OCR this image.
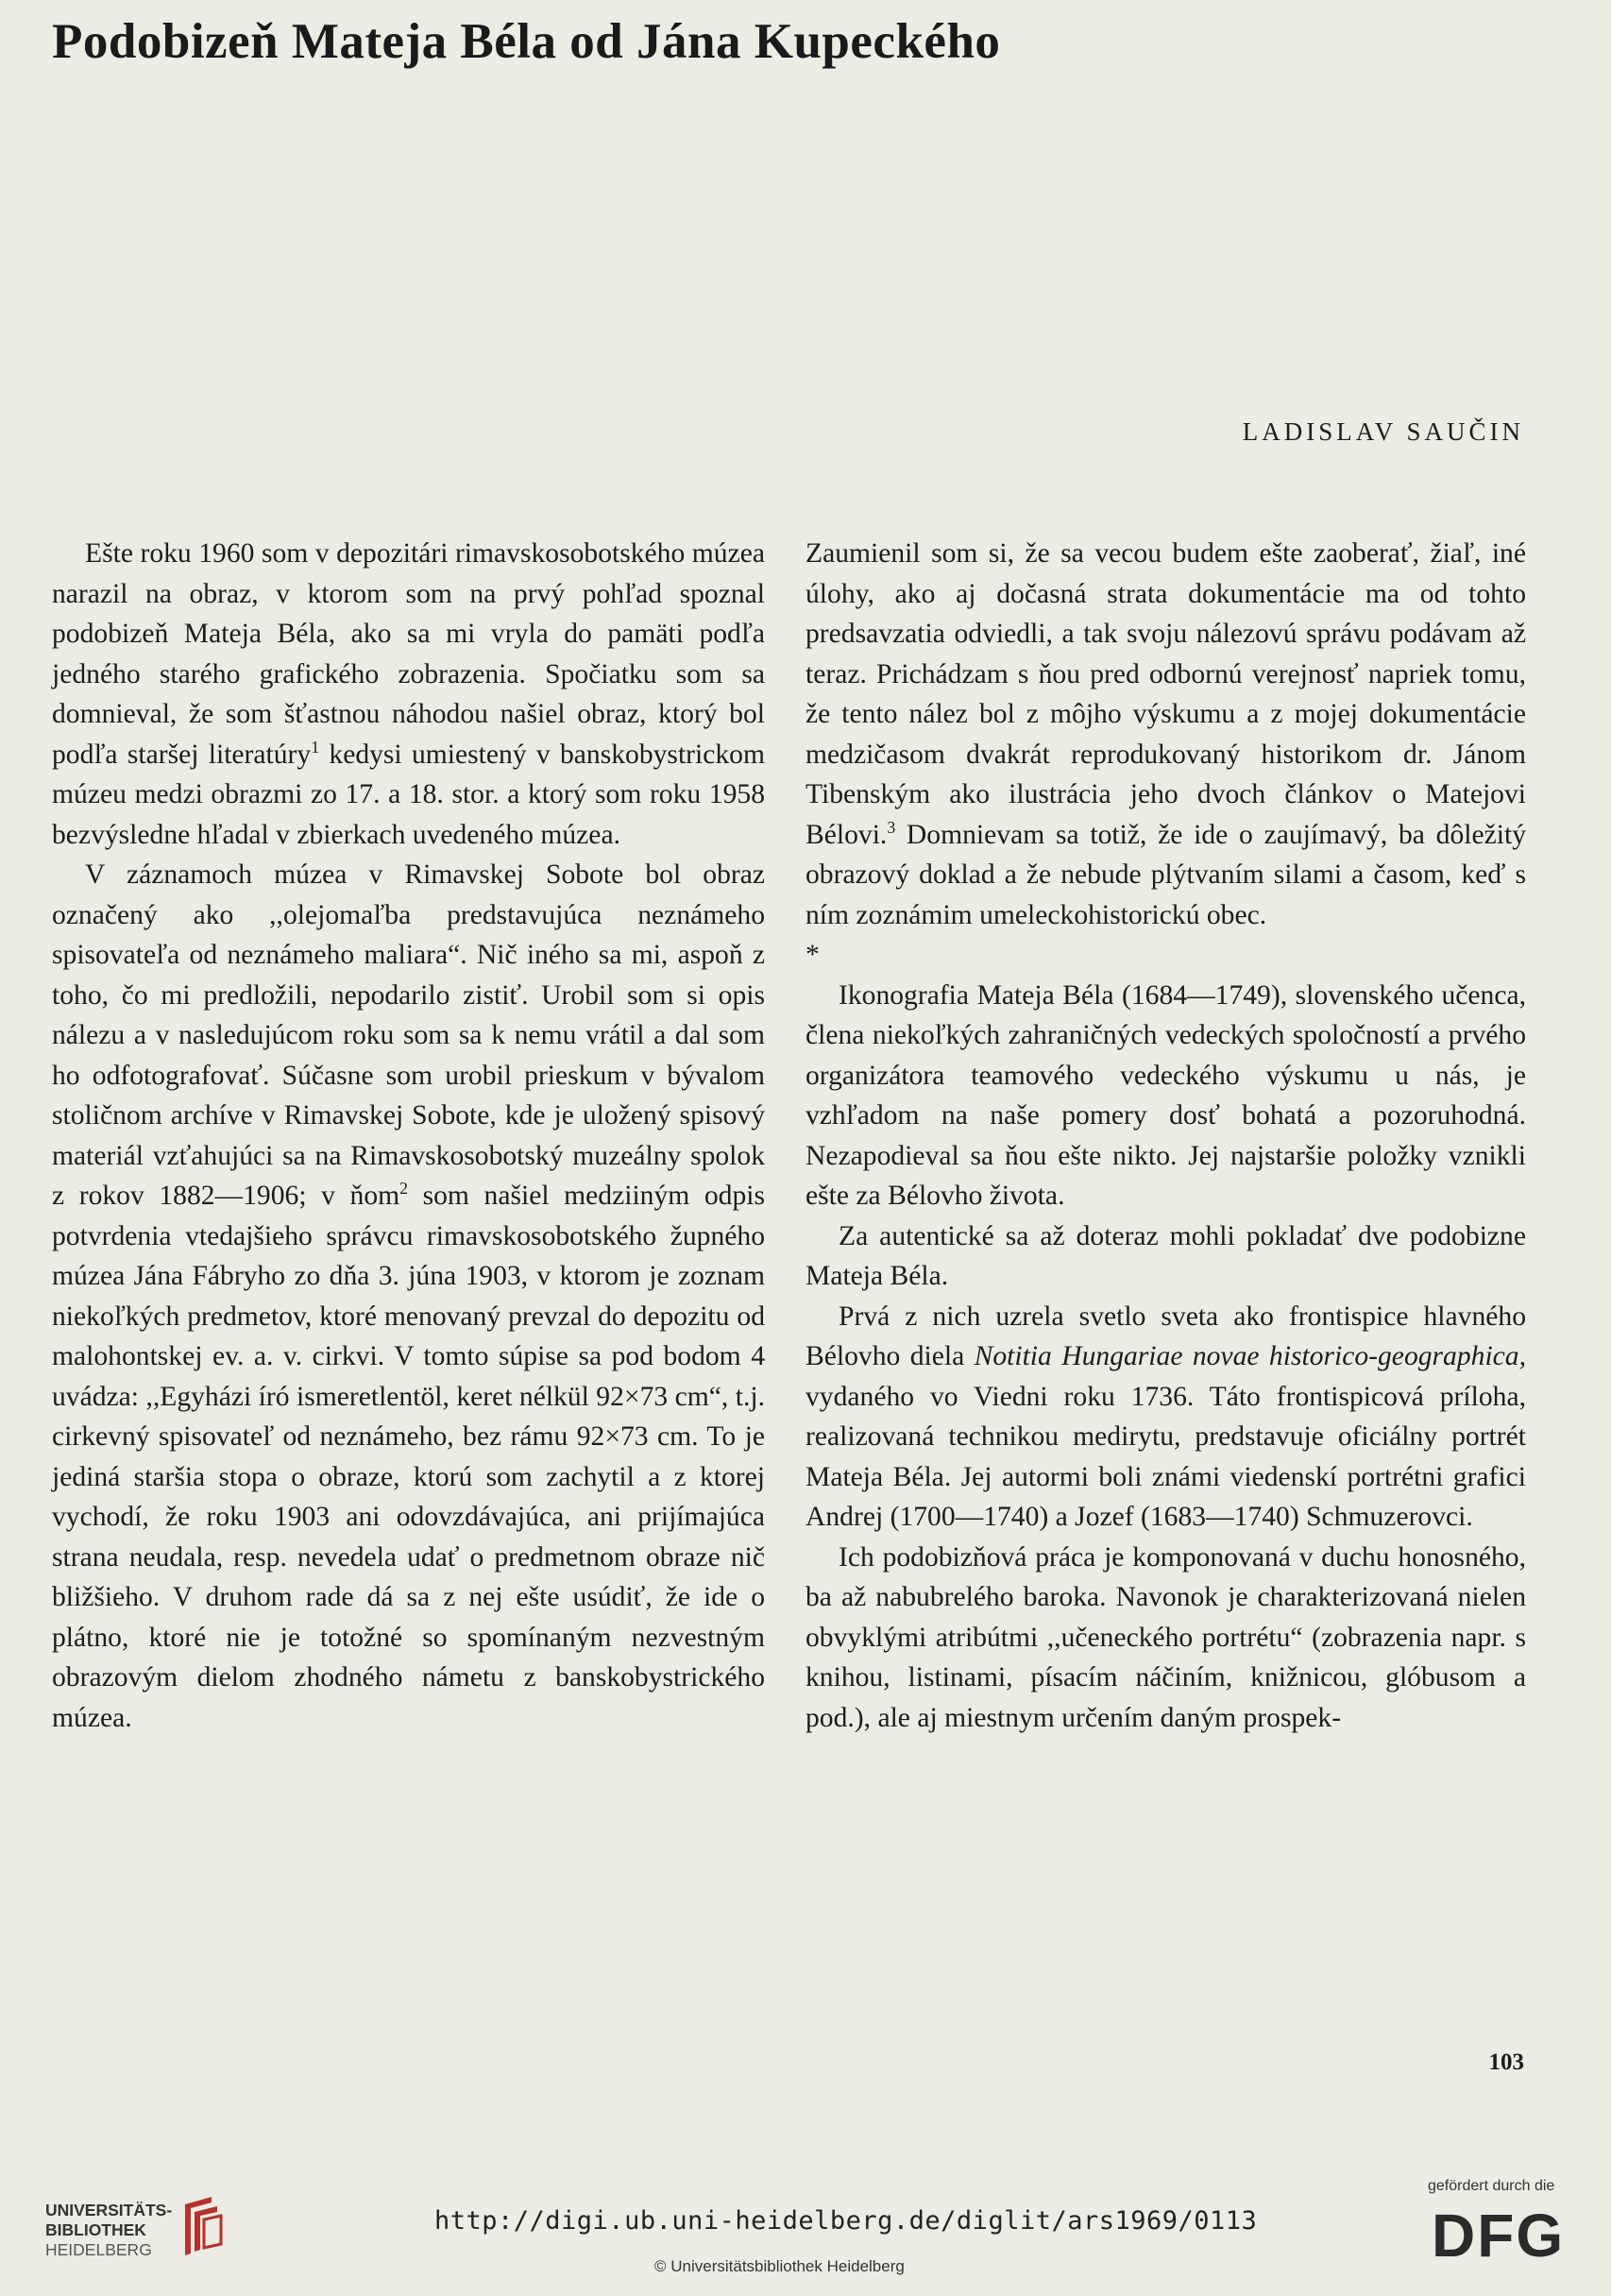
Podobizeň Mateja Béla od Jána Kupeckého
LADISLAV SAUČIN

Ešte roku 1960 som v depozitári rimavskosobotského múzea narazil na obraz, v ktorom som na prvý pohľad spoznal podobizeň Mateja Béla, ako sa mi vryla do pamäti podľa jedného starého grafického zobrazenia. Spočiatku som sa domnieval, že som šťastnou náhodou našiel obraz, ktorý bol podľa staršej literatúry$^1$ kedysi umiestený v banskobystrickom múzeu medzi obrazmi zo 17. a 18. stor. a ktorý som roku 1958 bezvýsledne hľadal v zbierkach uvedeného múzea.

V záznamoch múzea v Rimavskej Sobote bol obraz označený ako ,,olejomaľba predstavujúca neznámeho spisovateľa od neznámeho maliara“. Nič iného sa mi, aspoň z toho, čo mi predložili, nepodarilo zistiť. Urobil som si opis nálezu a v nasledujúcom roku som sa k nemu vrátil a dal som ho odfotografovať. Súčasne som urobil prieskum v bývalom stoličnom archíve v Rimavskej Sobote, kde je uložený spisový materiál vzťahujúci sa na Rimavskosobotský muzeálny spolok z rokov 1882—1906; v ňom$^2$ som našiel medziiným odpis potvrdenia vtedajšieho správcu rimavskosobotského župného múzea Jána Fábryho zo dňa 3. júna 1903, v ktorom je zoznam niekoľkých predmetov, ktoré menovaný prevzal do depozitu od malohontskej ev. a. v. cirkvi. V tomto súpise sa pod bodom 4 uvádza: ,,Egyházi író ismeretlentöl, keret nélkül 92×73 cm“, t.j. cirkevný spisovateľ od neznámeho, bez rámu 92×73 cm. To je jediná staršia stopa o obraze, ktorú som zachytil a z ktorej vychodí, že roku 1903 ani odovzdávajúca, ani prijímajúca strana neudala, resp. nevedela udať o predmetnom obraze nič bližšieho. V druhom rade dá sa z nej ešte usúdiť, že ide o plátno, ktoré nie je totožné so spomínaným nezvestným obrazovým dielom zhodného námetu z banskobystrického múzea.

Zaumienil som si, že sa vecou budem ešte zaoberať, žiaľ, iné úlohy, ako aj dočasná strata dokumentácie ma od tohto predsavzatia odviedli, a tak svoju nálezovú správu podávam až teraz. Prichádzam s ňou pred odbornú verejnosť napriek tomu, že tento nález bol z môjho výskumu a z mojej dokumentácie medzičasom dvakrát reprodukovaný historikom dr. Jánom Tibenským ako ilustrácia jeho dvoch článkov o Matejovi Bélovi.$^3$ Domnievam sa totiž, že ide o zaujímavý, ba dôležitý obrazový doklad a že nebude plýtvaním silami a časom, keď s ním zoznámim umeleckohistorickú obec.

*

Ikonografia Mateja Béla (1684—1749), slovenského učenca, člena niekoľkých zahraničných vedeckých spoločností a prvého organizátora teamového vedeckého výskumu u nás, je vzhľadom na naše pomery dosť bohatá a pozoruhodná. Nezapodieval sa ňou ešte nikto. Jej najstaršie položky vznikli ešte za Bélovho života.

Za autentické sa až doteraz mohli pokladať dve podobizne Mateja Béla.

Prvá z nich uzrela svetlo sveta ako frontispice hlavného Bélovho diela Notitia Hungariae novae historico-geographica, vydaného vo Viedni roku 1736. Táto frontispicová príloha, realizovaná technikou medirytu, predstavuje oficiálny portrét Mateja Béla. Jej autormi boli známi viedenskí portrétni grafici Andrej (1700—1740) a Jozef (1683—1740) Schmuzerovci.

Ich podobizňová práca je komponovaná v duchu honosného, ba až nabubrelého baroka. Navonok je charakterizovaná nielen obvyklými atribútmi ,,učeneckého portrétu“ (zobrazenia napr. s knihou, listinami, písacím náčiním, knižnicou, glóbusom a pod.), ale aj miestnym určením daným prospek-

103
UNIVERSITÄTS-
BIBLIOTHEK
HEIDELBERG
http://digi.ub.uni-heidelberg.de/diglit/ars1969/0113
© Universitätsbibliothek Heidelberg
gefördert durch die
DFG
